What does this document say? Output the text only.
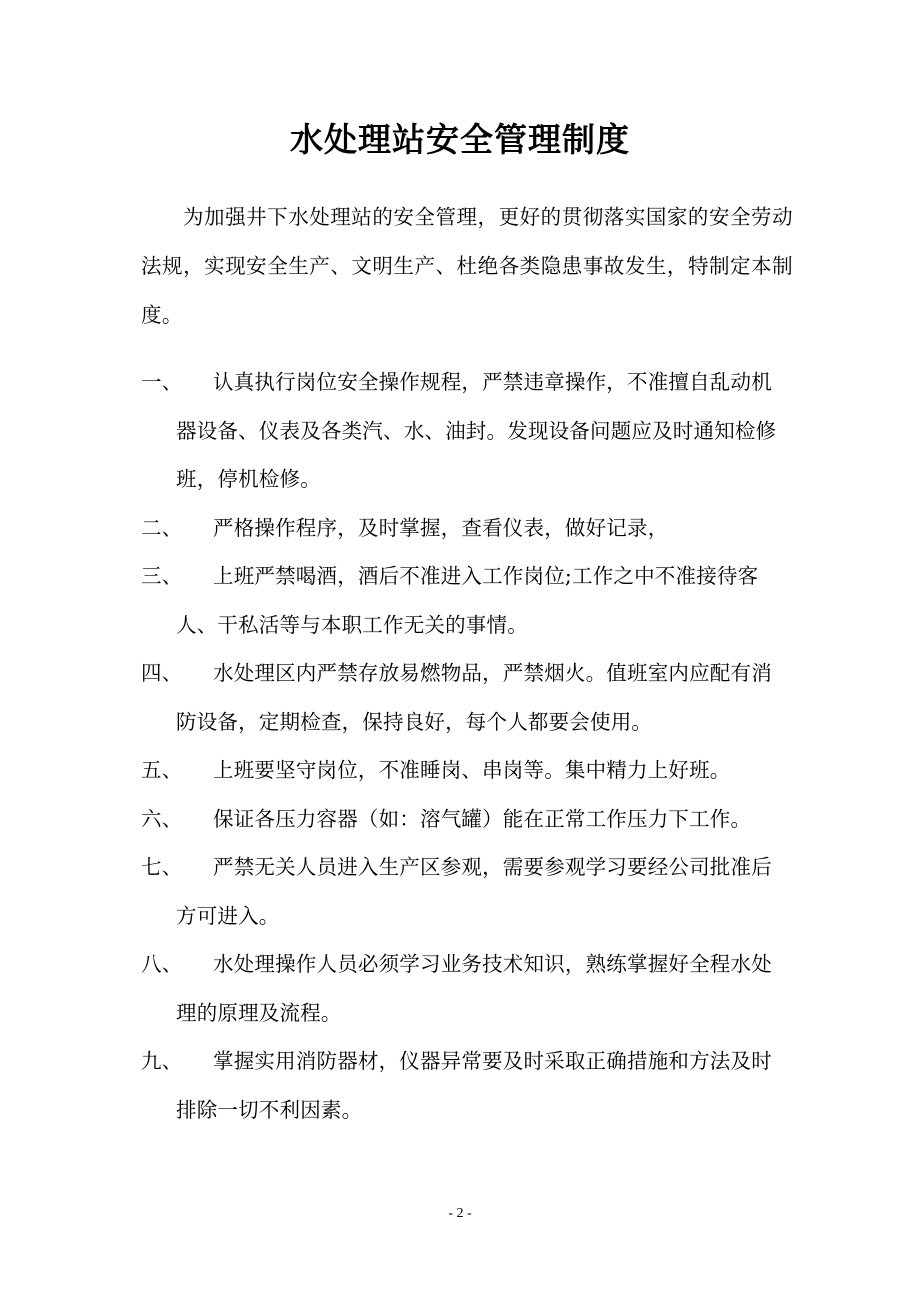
水处理站安全管理制度

为加强井下水处理站的安全管理，更好的贯彻落实国家的安全劳动法规，实现安全生产、文明生产、杜绝各类隐患事故发生，特制定本制度。

一、	认真执行岗位安全操作规程，严禁违章操作，不准擅自乱动机
器设备、仪表及各类汽、水、油封。发现设备问题应及时通知检修班，停机检修。
二、	严格操作程序，及时掌握，查看仪表，做好记录，
三、	上班严禁喝酒，酒后不准进入工作岗位;工作之中不准接待客
人、干私活等与本职工作无关的事情。
四、	水处理区内严禁存放易燃物品，严禁烟火。值班室内应配有消
防设备，定期检查，保持良好，每个人都要会使用。
五、	上班要坚守岗位，不准睡岗、串岗等。集中精力上好班。
六、	保证各压力容器（如：溶气罐）能在正常工作压力下工作。
七、	严禁无关人员进入生产区参观，需要参观学习要经公司批准后
方可进入。
八、	水处理操作人员必须学习业务技术知识，熟练掌握好全程水处
理的原理及流程。
九、	掌握实用消防器材，仪器异常要及时采取正确措施和方法及时
排除一切不利因素。
- 2 -
